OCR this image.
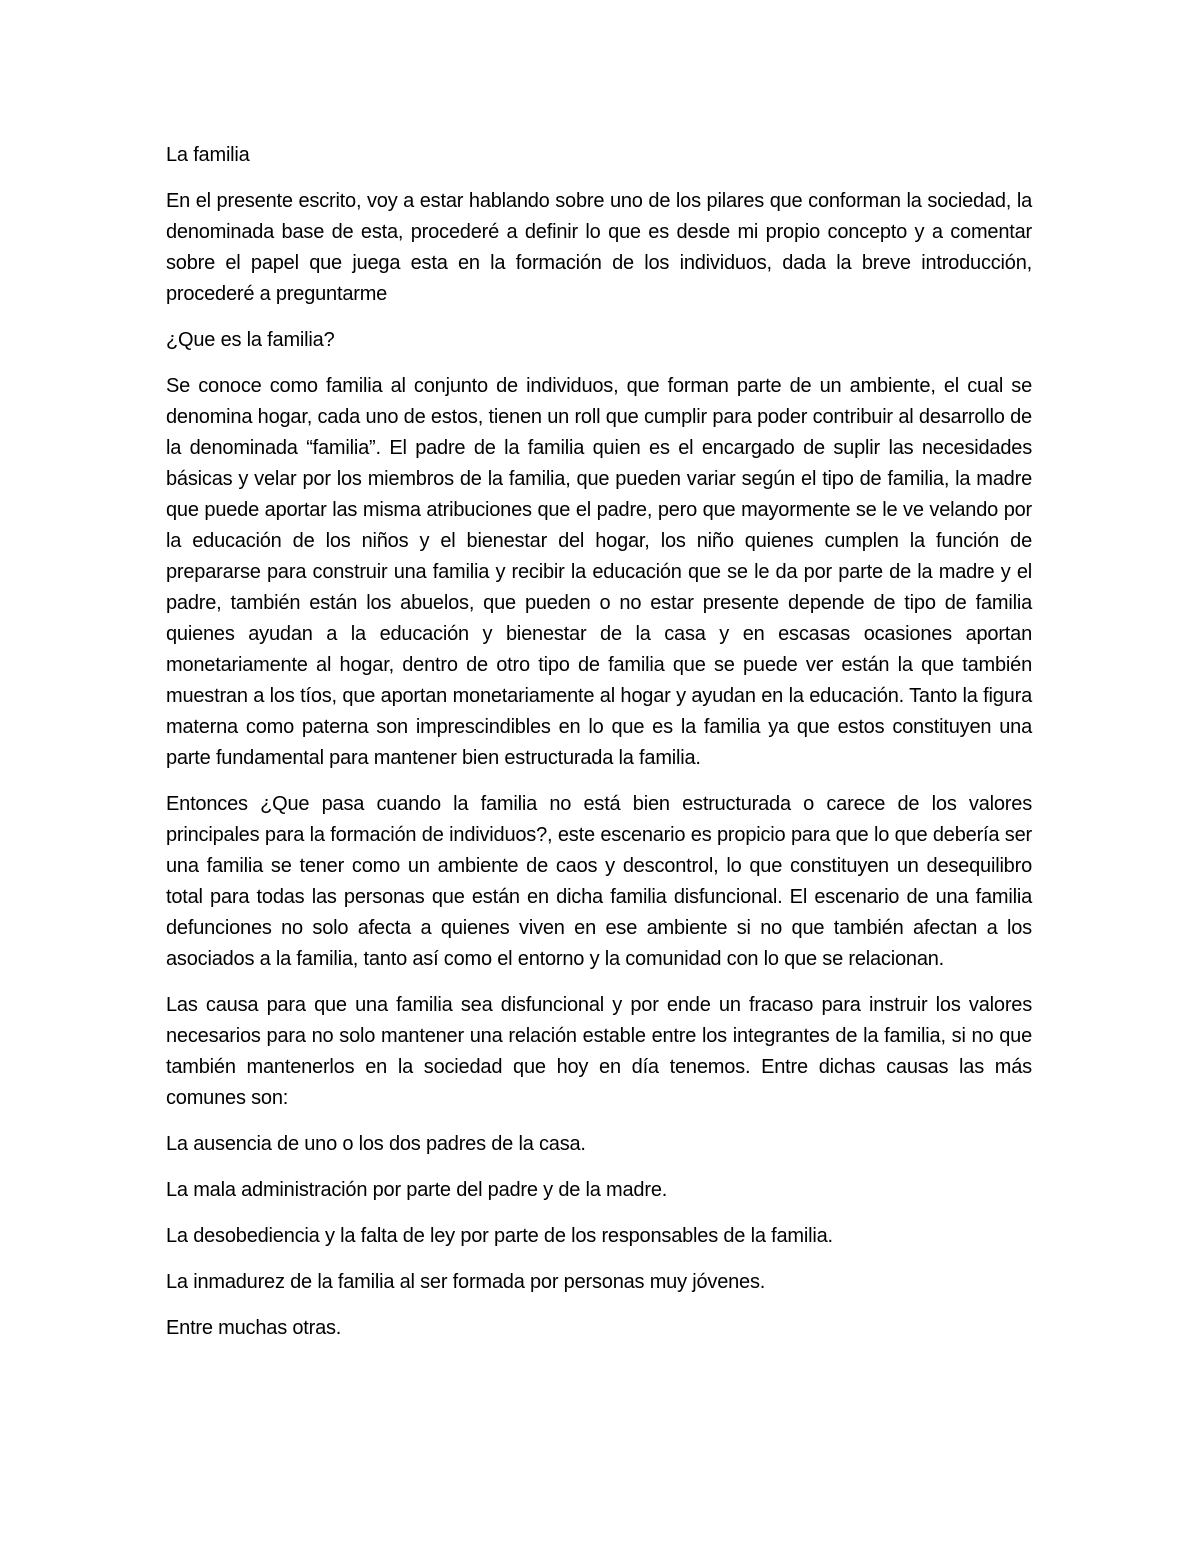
La familia

En el presente escrito, voy a estar hablando sobre uno de los pilares que conforman la sociedad, la denominada base de esta, procederé a definir lo que es desde mi propio concepto y a comentar sobre el papel que juega esta en la formación de los individuos, dada la breve introducción, procederé a preguntarme

¿Que es la familia?

Se conoce como familia al conjunto de individuos, que forman parte de un ambiente, el cual se denomina hogar, cada uno de estos, tienen un roll que cumplir para poder contribuir al desarrollo de la denominada “familia”. El padre de la familia quien es el encargado de suplir las necesidades básicas y velar por los miembros de la familia, que pueden variar según el tipo de familia, la madre que puede aportar las misma atribuciones que el padre, pero que mayormente se le ve velando por la educación de los niños y el bienestar del hogar, los niño quienes cumplen la función de prepararse para construir una familia y recibir la educación que se le da por parte de la madre y el padre, también están los abuelos, que pueden o no estar presente depende de tipo de familia quienes ayudan a la educación y bienestar de la casa y en escasas ocasiones aportan monetariamente al hogar, dentro de otro tipo de familia que se puede ver están la que también muestran a los tíos, que aportan monetariamente al hogar y ayudan en la educación. Tanto la figura materna como paterna son imprescindibles en lo que es la familia ya que estos constituyen una parte fundamental para mantener bien estructurada la familia.

Entonces ¿Que pasa cuando la familia no está bien estructurada o carece de los valores principales para la formación de individuos?, este escenario es propicio para que lo que debería ser una familia se tener como un ambiente de caos y descontrol, lo que constituyen un desequilibro total para todas las personas que están en dicha familia disfuncional. El escenario de una familia defunciones no solo afecta a quienes viven en ese ambiente si no que también afectan a los asociados a la familia, tanto así como el entorno y la comunidad con lo que se relacionan.

Las causa para que una familia sea disfuncional y por ende un fracaso para instruir los valores necesarios para no solo mantener una relación estable entre los integrantes de la familia, si no que también mantenerlos en la sociedad que hoy en día tenemos. Entre dichas causas las más comunes son:

La ausencia de uno o los dos padres de la casa.

La mala administración por parte del padre y de la madre.

La desobediencia y la falta de ley por parte de los responsables de la familia.

La inmadurez de la familia al ser formada por personas muy jóvenes.

Entre muchas otras.
